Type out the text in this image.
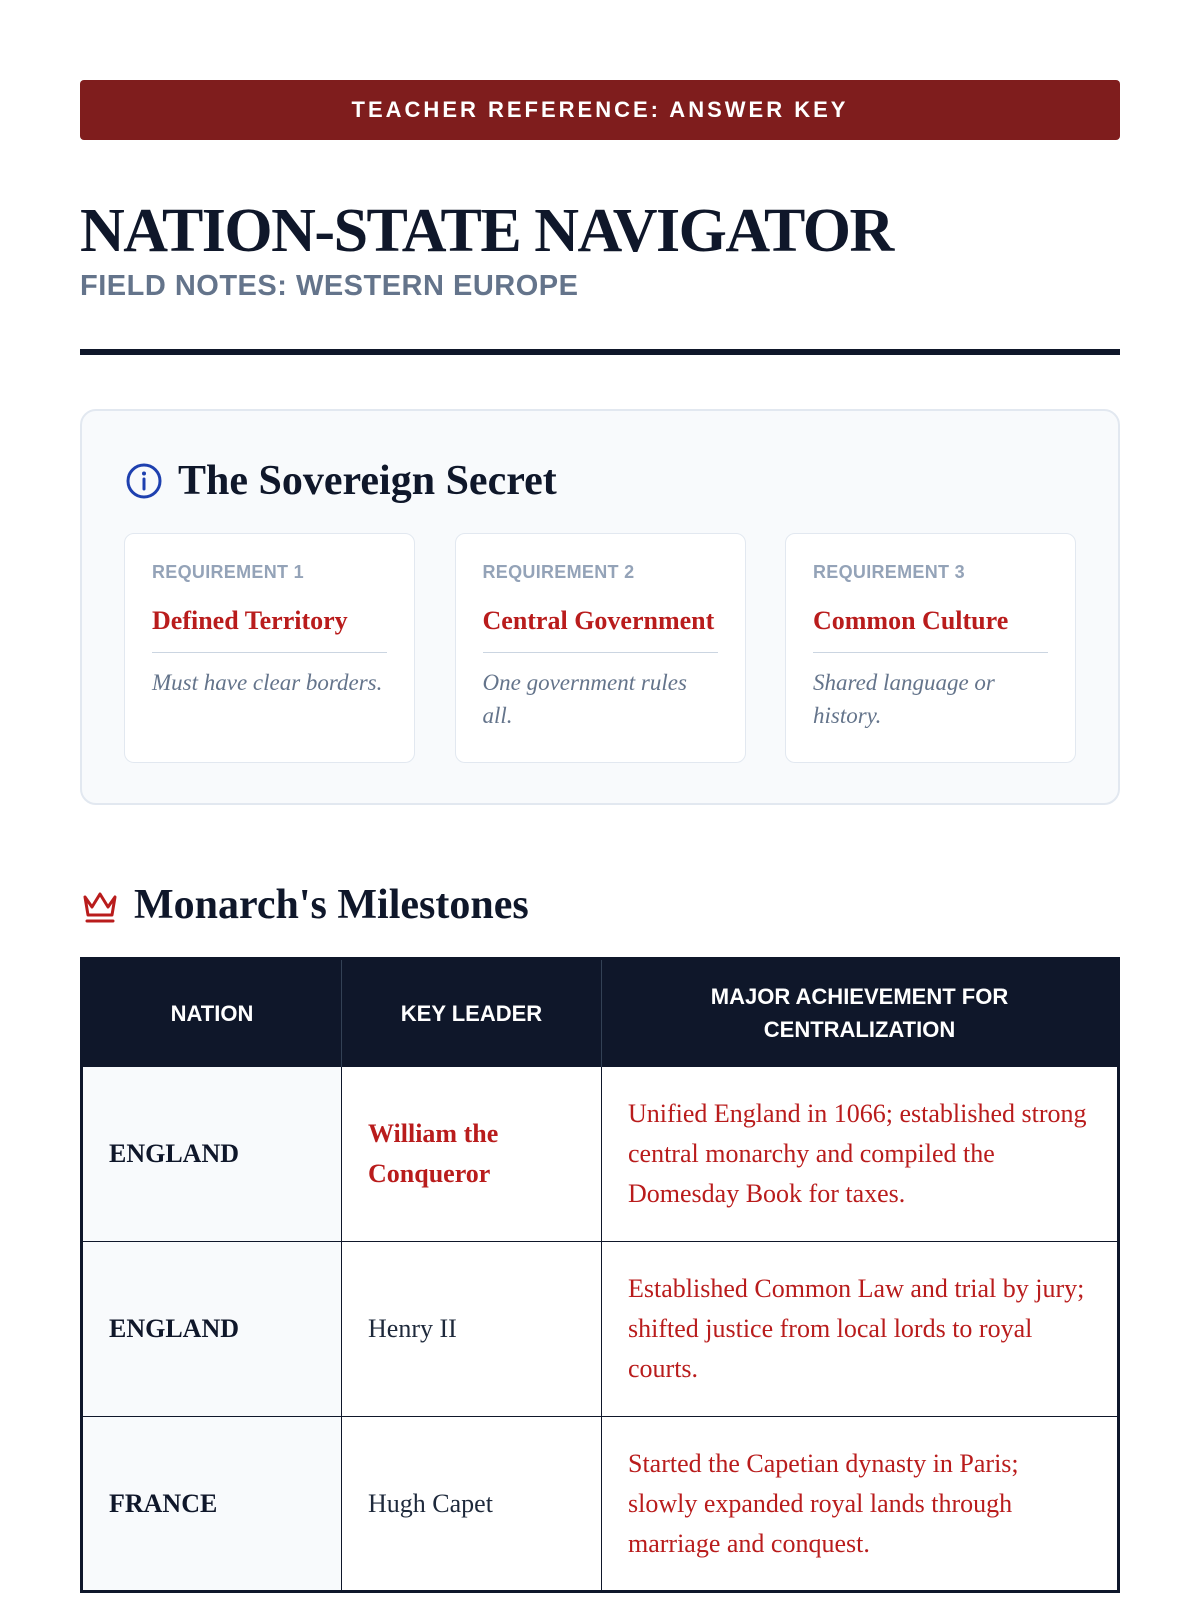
TEACHER REFERENCE: ANSWER KEY
NATION-STATE NAVIGATOR
FIELD NOTES: WESTERN EUROPE
The Sovereign Secret
REQUIREMENT 1
Defined Territory
Must have clear borders.
REQUIREMENT 2
Central Government
One government rules all.
REQUIREMENT 3
Common Culture
Shared language or history.
Monarch's Milestones
NATION	KEY LEADER	MAJOR ACHIEVEMENT FOR CENTRALIZATION
ENGLAND	William the Conqueror	Unified England in 1066; established strong central monarchy and compiled the Domesday Book for taxes.
ENGLAND	Henry II	Established Common Law and trial by jury; shifted justice from local lords to royal courts.
FRANCE	Hugh Capet	Started the Capetian dynasty in Paris; slowly expanded royal lands through marriage and conquest.
